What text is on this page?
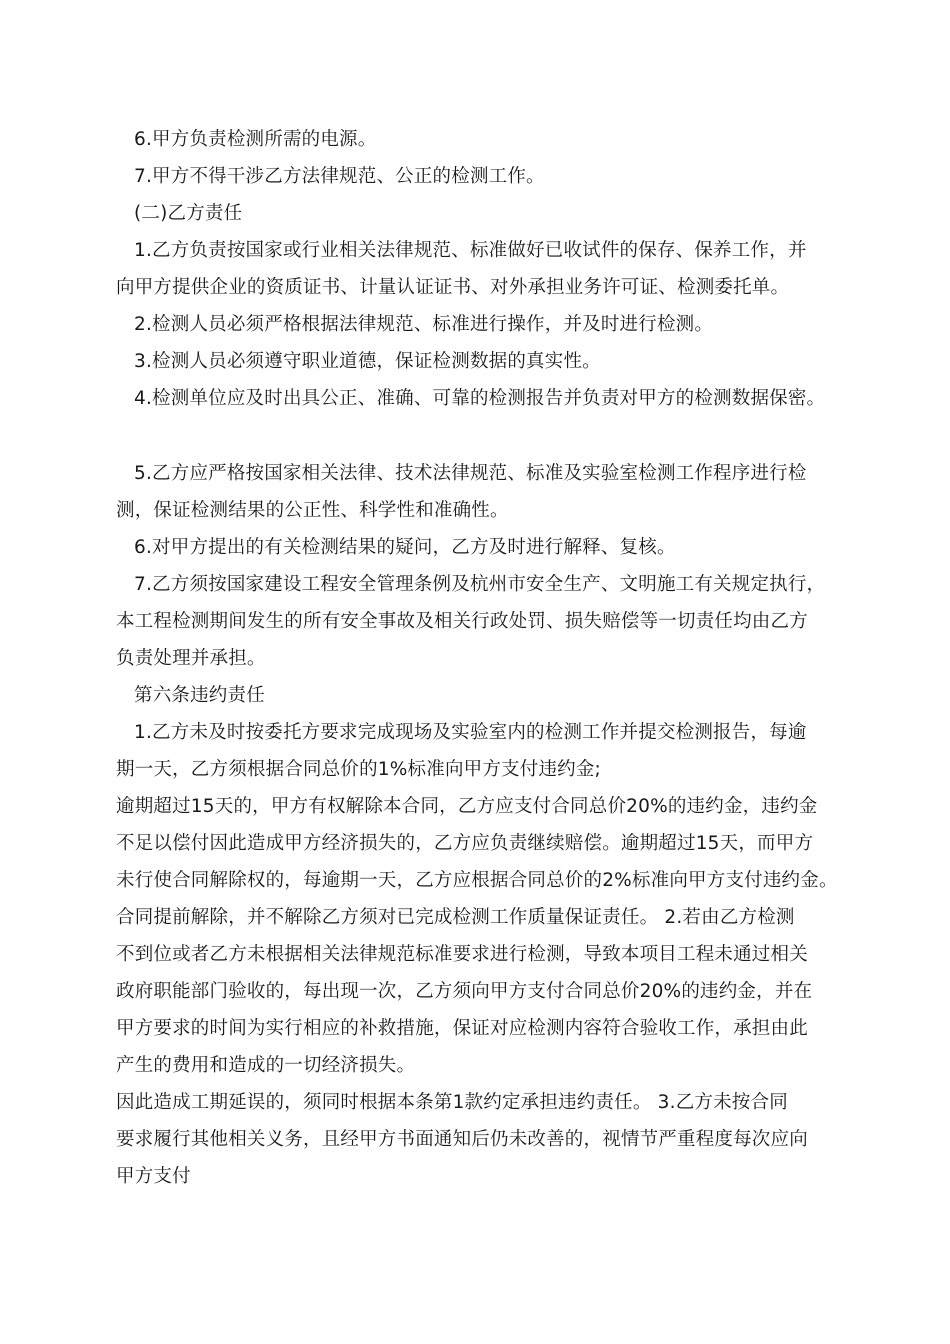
6.甲方负责检测所需的电源。
7.甲方不得干涉乙方法律规范、公正的检测工作。
(二)乙方责任
1.乙方负责按国家或行业相关法律规范、标准做好已收试件的保存、保养工作，并
向甲方提供企业的资质证书、计量认证证书、对外承担业务许可证、检测委托单。
2.检测人员必须严格根据法律规范、标准进行操作，并及时进行检测。
3.检测人员必须遵守职业道德，保证检测数据的真实性。
4.检测单位应及时出具公正、准确、可靠的检测报告并负责对甲方的检测数据保密。
5.乙方应严格按国家相关法律、技术法律规范、标准及实验室检测工作程序进行检
测，保证检测结果的公正性、科学性和准确性。
6.对甲方提出的有关检测结果的疑问，乙方及时进行解释、复核。
7.乙方须按国家建设工程安全管理条例及杭州市安全生产、文明施工有关规定执行，
本工程检测期间发生的所有安全事故及相关行政处罚、损失赔偿等一切责任均由乙方
负责处理并承担。
第六条违约责任
1.乙方未及时按委托方要求完成现场及实验室内的检测工作并提交检测报告，每逾
期一天，乙方须根据合同总价的1%标准向甲方支付违约金;
逾期超过15天的，甲方有权解除本合同，乙方应支付合同总价20%的违约金，违约金
不足以偿付因此造成甲方经济损失的，乙方应负责继续赔偿。逾期超过15天，而甲方
未行使合同解除权的，每逾期一天，乙方应根据合同总价的2%标准向甲方支付违约金。
合同提前解除，并不解除乙方须对已完成检测工作质量保证责任。 2.若由乙方检测
不到位或者乙方未根据相关法律规范标准要求进行检测，导致本项目工程未通过相关
政府职能部门验收的，每出现一次，乙方须向甲方支付合同总价20%的违约金，并在
甲方要求的时间为实行相应的补救措施，保证对应检测内容符合验收工作，承担由此
产生的费用和造成的一切经济损失。
因此造成工期延误的，须同时根据本条第1款约定承担违约责任。 3.乙方未按合同
要求履行其他相关义务，且经甲方书面通知后仍未改善的，视情节严重程度每次应向
甲方支付
